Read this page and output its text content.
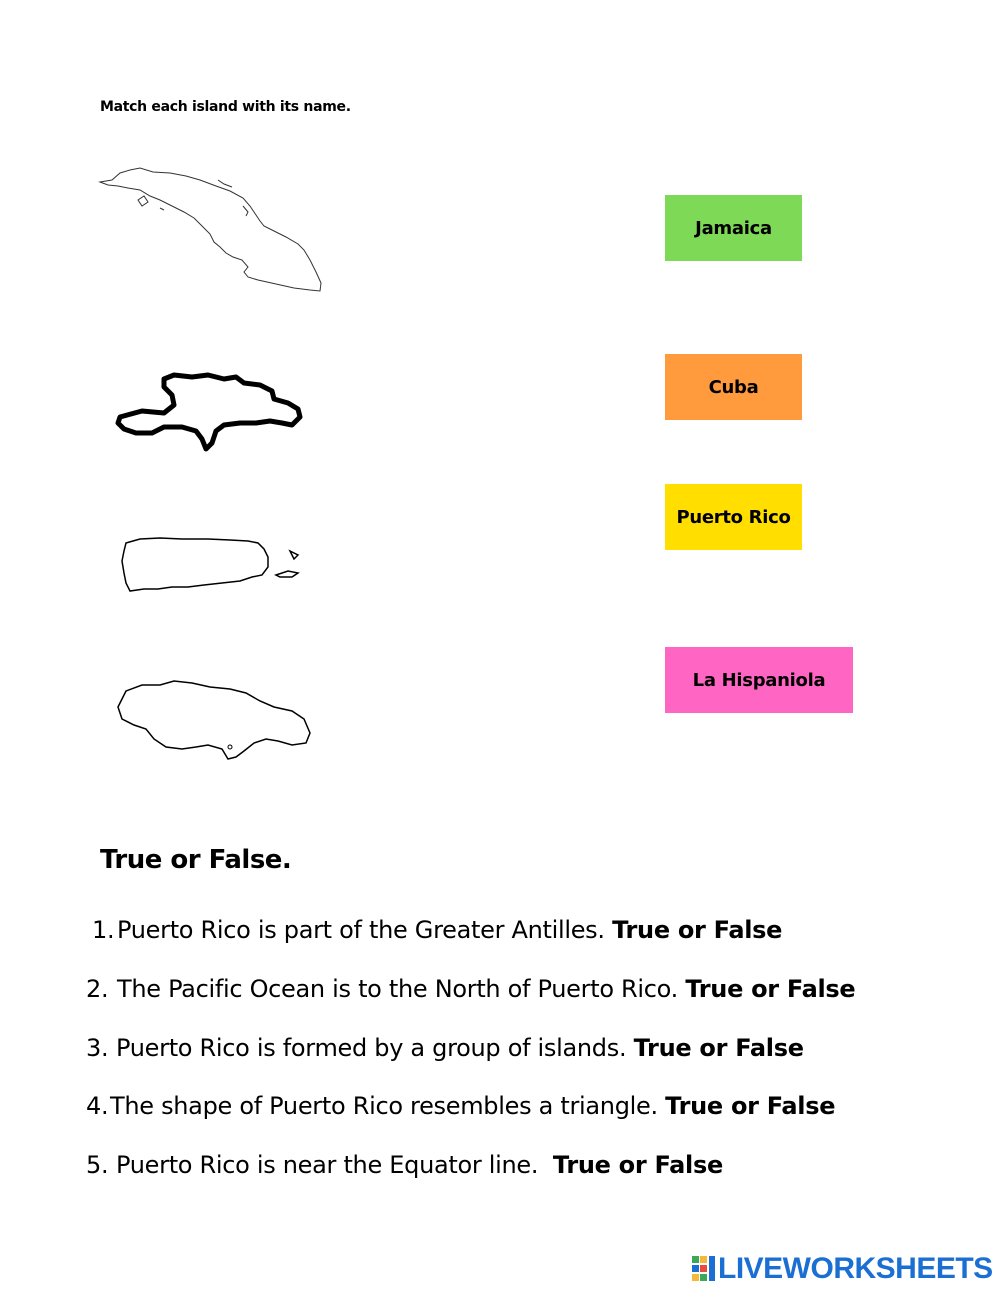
Match each island with its name.
Jamaica
Cuba
Puerto Rico
La Hispaniola
True or False.
1. Puerto Rico is part of the Greater Antilles. True or False
2. The Pacific Ocean is to the North of Puerto Rico. True or False
3. Puerto Rico is formed by a group of islands. True or False
4.The shape of Puerto Rico resembles a triangle. True or False
5. Puerto Rico is near the Equator line. True or False
LIVEWORKSHEETS
